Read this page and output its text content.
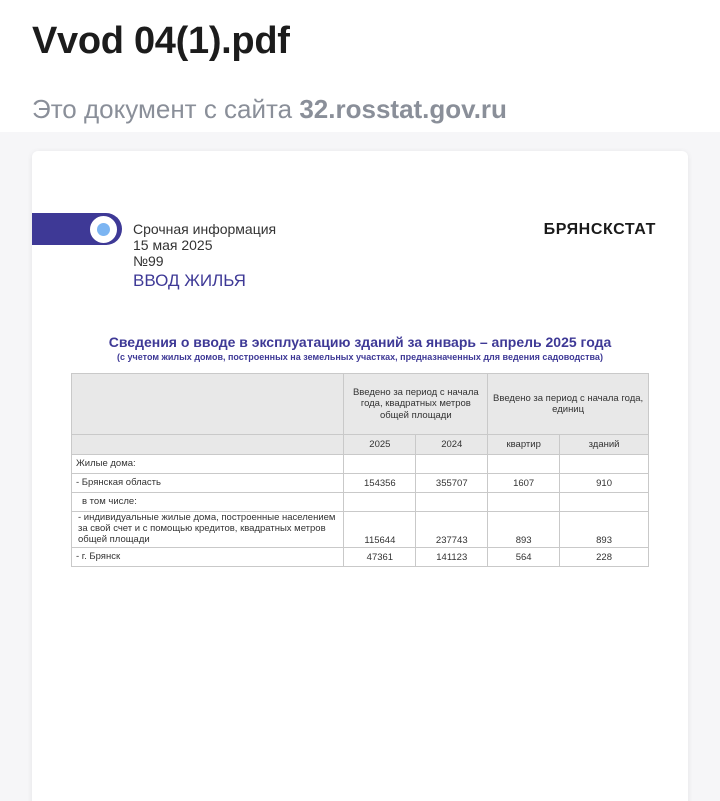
Vvod 04(1).pdf
Это документ с сайта 32.rosstat.gov.ru
Срочная информация
15 мая 2025
№99
ВВОД ЖИЛЬЯ
БРЯНСКСТАТ
Сведения о вводе в эксплуатацию зданий за январь – апрель 2025 года
(с учетом жилых домов, построенных на земельных участках, предназначенных для ведения садоводства)
	Введено за период с начала года, квадратных метров общей площади		Введено за период с начала года, единиц	
	2025	2024	квартир	зданий
Жилые дома:				
- Брянская область	154356	355707	1607	910
в том числе:				
- индивидуальные жилые дома, построенные населением за свой счет и с помощью кредитов, квадратных метров общей площади	115644	237743	893	893
- г. Брянск	47361	141123	564	228
